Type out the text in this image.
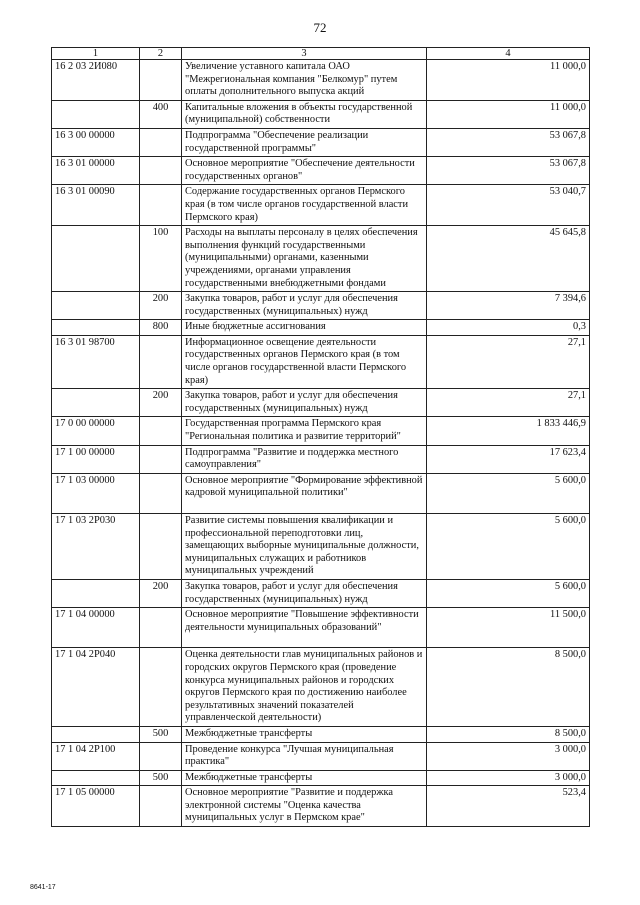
72
1	2	3	4
16 2 03 2И080		Увеличение уставного капитала ОАО "Межрегиональная компания "Белкомур" путем оплаты дополнительного выпуска акций	11 000,0
	400	Капитальные вложения в объекты государственной (муниципальной) собственности	11 000,0
16 3 00 00000		Подпрограмма "Обеспечение реализации государственной программы"	53 067,8
16 3 01 00000		Основное мероприятие "Обеспечение деятельности государственных органов"	53 067,8
16 3 01 00090		Содержание государственных органов Пермского края (в том числе органов государственной власти Пермского края)	53 040,7
	100	Расходы на выплаты персоналу в целях обеспечения выполнения функций государственными (муниципальными) органами, казенными учреждениями, органами управления государственными внебюджетными фондами	45 645,8
	200	Закупка товаров, работ и услуг для обеспечения государственных (муниципальных) нужд	7 394,6
	800	Иные бюджетные ассигнования	0,3
16 3 01 98700		Информационное освещение деятельности государственных органов Пермского края (в том числе органов государственной власти Пермского края)	27,1
	200	Закупка товаров, работ и услуг для обеспечения государственных (муниципальных) нужд	27,1
17 0 00 00000		Государственная программа Пермского края "Региональная политика и развитие территорий"	1 833 446,9
17 1 00 00000		Подпрограмма "Развитие и поддержка местного самоуправления"	17 623,4
17 1 03 00000		Основное мероприятие "Формирование эффективной кадровой муниципальной политики"	5 600,0
17 1 03 2Р030		Развитие системы повышения квалификации и профессиональной переподготовки лиц, замещающих выборные муниципальные должности, муниципальных служащих и работников муниципальных учреждений	5 600,0
	200	Закупка товаров, работ и услуг для обеспечения государственных (муниципальных) нужд	5 600,0
17 1 04 00000		Основное мероприятие "Повышение эффективности деятельности муниципальных образований"	11 500,0
17 1 04 2Р040		Оценка деятельности глав муниципальных районов и городских округов Пермского края (проведение конкурса муниципальных районов и городских округов Пермского края по достижению наиболее результативных значений показателей управленческой деятельности)	8 500,0
	500	Межбюджетные трансферты	8 500,0
17 1 04 2Р100		Проведение конкурса "Лучшая муниципальная практика"	3 000,0
	500	Межбюджетные трансферты	3 000,0
17 1 05 00000		Основное мероприятие "Развитие и поддержка электронной системы "Оценка качества муниципальных услуг в Пермском крае"	523,4
8641-17
